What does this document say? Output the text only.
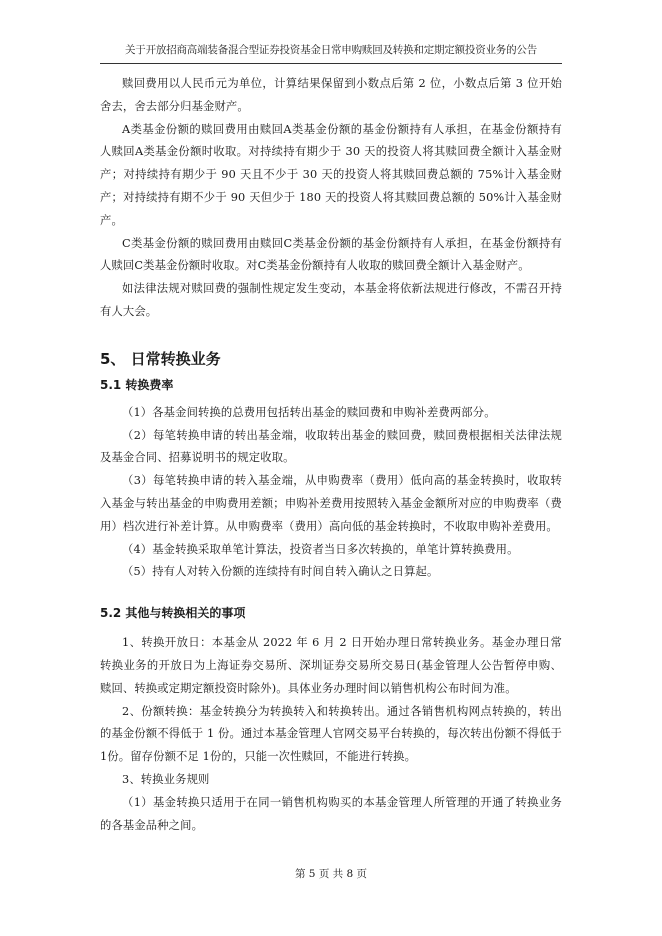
关于开放招商高端装备混合型证券投资基金日常申购赎回及转换和定期定额投资业务的公告

赎回费用以人民币元为单位，计算结果保留到小数点后第 2 位，小数点后第 3 位开始舍去，舍去部分归基金财产。

A类基金份额的赎回费用由赎回A类基金份额的基金份额持有人承担，在基金份额持有人赎回A类基金份额时收取。对持续持有期少于 30 天的投资人将其赎回费全额计入基金财产；对持续持有期少于 90 天且不少于 30 天的投资人将其赎回费总额的 75%计入基金财产；对持续持有期不少于 90 天但少于 180 天的投资人将其赎回费总额的 50%计入基金财产。

C类基金份额的赎回费用由赎回C类基金份额的基金份额持有人承担，在基金份额持有人赎回C类基金份额时收取。对C类基金份额持有人收取的赎回费全额计入基金财产。

如法律法规对赎回费的强制性规定发生变动，本基金将依新法规进行修改，不需召开持有人大会。

5、 日常转换业务
5.1 转换费率

（1）各基金间转换的总费用包括转出基金的赎回费和申购补差费两部分。

（2）每笔转换申请的转出基金端，收取转出基金的赎回费，赎回费根据相关法律法规及基金合同、招募说明书的规定收取。

（3）每笔转换申请的转入基金端，从申购费率（费用）低向高的基金转换时，收取转入基金与转出基金的申购费用差额；申购补差费用按照转入基金金额所对应的申购费率（费用）档次进行补差计算。从申购费率（费用）高向低的基金转换时，不收取申购补差费用。

（4）基金转换采取单笔计算法，投资者当日多次转换的，单笔计算转换费用。

（5）持有人对转入份额的连续持有时间自转入确认之日算起。

5.2 其他与转换相关的事项

1、转换开放日：本基金从 2022 年 6 月 2 日开始办理日常转换业务。基金办理日常转换业务的开放日为上海证券交易所、深圳证券交易所交易日(基金管理人公告暂停申购、赎回、转换或定期定额投资时除外)。具体业务办理时间以销售机构公布时间为准。

2、份额转换：基金转换分为转换转入和转换转出。通过各销售机构网点转换的，转出的基金份额不得低于 1 份。通过本基金管理人官网交易平台转换的，每次转出份额不得低于 1份。留存份额不足 1份的，只能一次性赎回，不能进行转换。

3、转换业务规则

（1）基金转换只适用于在同一销售机构购买的本基金管理人所管理的开通了转换业务的各基金品种之间。

第 5 页 共 8 页
